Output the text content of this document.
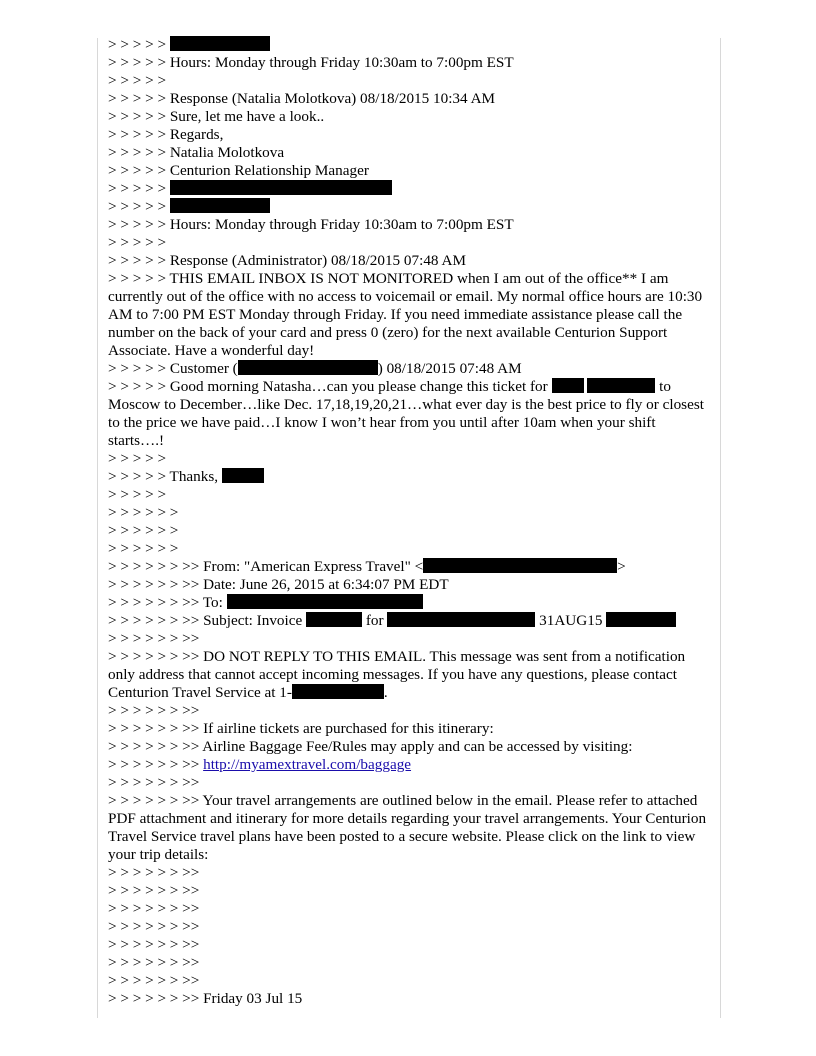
> > > > >
> > > > > Hours: Monday through Friday 10:30am to 7:00pm EST
> > > > >
> > > > > Response (Natalia Molotkova) 08/18/2015 10:34 AM
> > > > > Sure, let me have a look..
> > > > > Regards,
> > > > > Natalia Molotkova
> > > > > Centurion Relationship Manager
> > > > >
> > > > >
> > > > > Hours: Monday through Friday 10:30am to 7:00pm EST
> > > > >
> > > > > Response (Administrator) 08/18/2015 07:48 AM
> > > > > THIS EMAIL INBOX IS NOT MONITORED when I am out of the office** I am currently out of the office with no access to voicemail or email. My normal office hours are 10:30 AM to 7:00 PM EST Monday through Friday. If you need immediate assistance please call the number on the back of your card and press 0 (zero) for the next available Centurion Support Associate. Have a wonderful day!
> > > > > Customer (	) 08/18/2015 07:48 AM
> > > > > Good morning Natasha…can you please change this ticket for	to Moscow to December…like Dec. 17,18,19,20,21…what ever day is the best price to fly or closest to the price we have paid…I know I won’t hear from you until after 10am when your shift starts….!
> > > > >
> > > > > Thanks,
> > > > >
> > > > > >
> > > > > >
> > > > > >
> > > > > > >> From: "American Express Travel" <	>
> > > > > > >> Date: June 26, 2015 at 6:34:07 PM EDT
> > > > > > >> To:
> > > > > > >> Subject: Invoice	for	31AUG15
> > > > > > >>
> > > > > > >> DO NOT REPLY TO THIS EMAIL. This message was sent from a notification only address that cannot accept incoming messages. If you have any questions, please contact Centurion Travel Service at 1-	.
> > > > > > >>
> > > > > > >> If airline tickets are purchased for this itinerary:
> > > > > > >> Airline Baggage Fee/Rules may apply and can be accessed by visiting:
> > > > > > >> http://myamextravel.com/baggage
> > > > > > >>
> > > > > > >> Your travel arrangements are outlined below in the email. Please refer to attached PDF attachment and itinerary for more details regarding your travel arrangements. Your Centurion Travel Service travel plans have been posted to a secure website. Please click on the link to view your trip details:
> > > > > > >>
> > > > > > >>
> > > > > > >>
> > > > > > >>
> > > > > > >>
> > > > > > >>
> > > > > > >>
> > > > > > >> Friday 03 Jul 15
